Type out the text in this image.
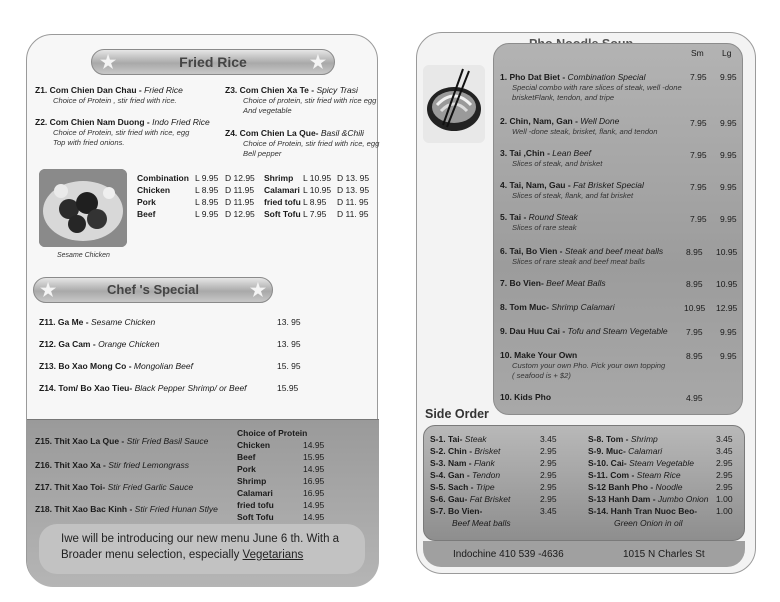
★	Fried Rice	★
Z1. Com Chien Dan Chau - Fried Rice
Choice of Protein , stir fried with rice.
Z2. Com Chien Nam Duong - Indo Fried Rice
Choice of Protein, stir fried with rice, egg
Top with fried onions.
Z3. Com Chien Xa Te - Spicy Trasi
Choice of protein, stir fried with rice egg
And vegetable
Z4. Com Chien La Que- Basil &Chili
Choice of Protein, stir fried with rice, egg
Bell pepper
Sesame Chicken
Combination L 9.95 D 12.95 Shrimp L 10.95 D 13. 95
Chicken	L 8.95 D 11.95 Calamari L 10.95 D 13. 95
Pork	L 8.95 D 11.95 fried tofu L 8.95 D 11. 95
Beef	L 9.95 D 12.95 Soft Tofu L 7.95 D 11. 95
★	Chef 's Special	★
Z11. Ga Me - Sesame Chicken	13. 95
Z12. Ga Cam - Orange Chicken	13. 95
Z13. Bo Xao Mong Co - Mongolian Beef	15. 95
Z14. Tom/ Bo Xao Tieu- Black Pepper Shrimp/ or Beef	15.95
Z15. Thit Xao La Que - Stir Fried Basil Sauce
Z16. Thit Xao Xa - Stir fried Lemongrass
Z17. Thit Xao Toi- Stir Fried Garlic Sauce
Z18. Thit Xao Bac Kinh - Stir Fried Hunan Stlye
Choice of Protein
Chicken	14.95
Beef	15.95
Pork	14.95
Shrimp	16.95
Calamari	16.95
fried tofu	14.95
Soft Tofu	14.95
Iwe will be introducing our new menu June 6 th. With a
Broader menu selection, especially Vegetarians
Sm Lg
1. Pho Dat Biet - Combination Special
Special combo with rare slices of steak, well -done
brisketFlank, tendon, and tripe
7.95 9.95
2. Chin, Nam, Gan - Well Done
Well -done steak, brisket, flank, and tendon
7.95 9.95
3. Tai ,Chin - Lean Beef
Slices of steak, and brisket
7.95 9.95
4. Tai, Nam, Gau - Fat Brisket Special
Slices of steak, flank, and fat brisket
7.95 9.95
5. Tai - Round Steak
Slices of rare steak
7.95 9.95
6. Tai, Bo Vien - Steak and beef meat balls
Slices of rare steak and beef meat balls
8.95 10.95
7. Bo Vien- Beef Meat Balls	8.95 10.95
8. Tom Muc- Shrimp Calamari	10.95 12.95
9. Dau Huu Cai - Tofu and Steam Vegetable 7.95 9.95
10. Make Your Own
Custom your own Pho. Pick your own topping
( seafood is + $2)
8.95 9.95
10. Kids Pho	4.95
Side Order
S-1. Tai- Steak	3.45
S-2. Chin - Brisket	2.95
S-3. Nam - Flank	2.95
S-4. Gan - Tendon	2.95
S-5. Sach - Tripe	2.95
S-6. Gau- Fat Brisket	2.95
S-7. Bo Vien-	3.45
Beef Meat balls
S-8. Tom - Shrimp	3.45
S-9. Muc- Calamari	3.45
S-10. Cai- Steam Vegetable	2.95
S-11. Com - Steam Rice	2.95
S-12 Banh Pho - Noodle	2.95
S-13 Hanh Dam - Jumbo Onion 1.00
S-14. Hanh Tran Nuoc Beo- 1.00
Green Onion in oil
Indochine 410 539 -4636	1015 N Charles St
